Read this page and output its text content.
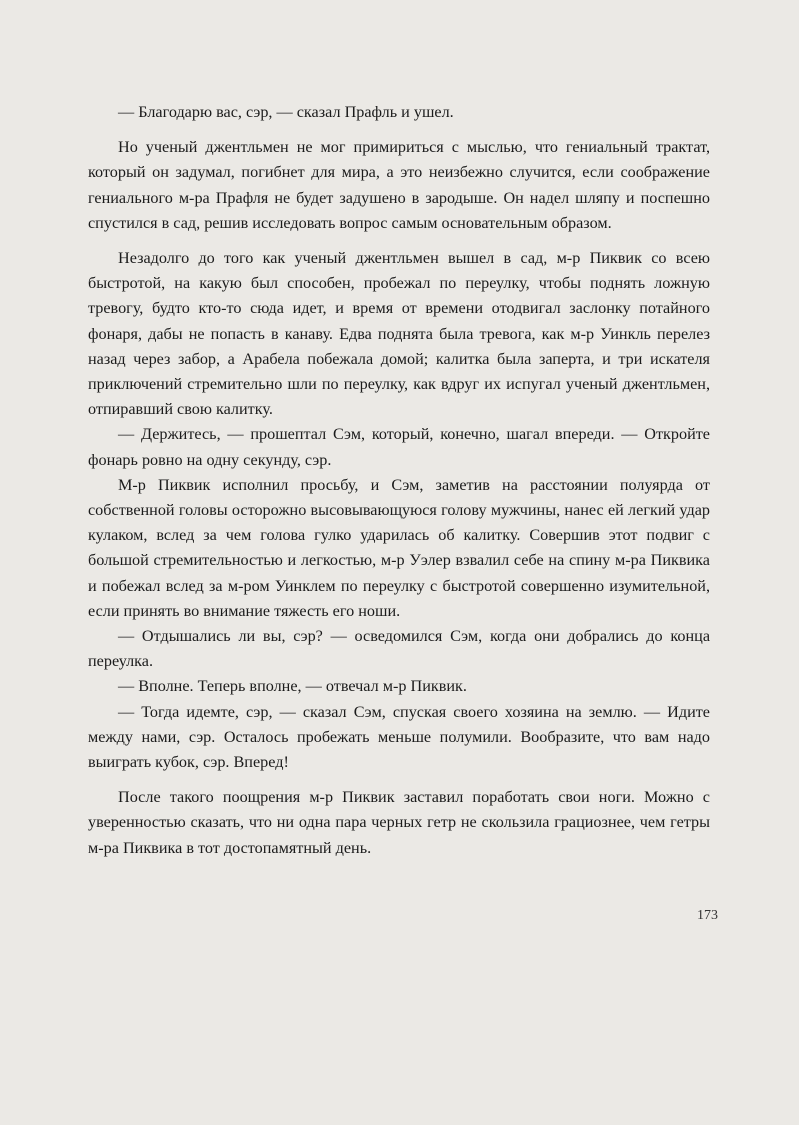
— Благодарю вас, сэр, — сказал Прафль и ушел.

Но ученый джентльмен не мог примириться с мыслью, что гениальный трактат, который он задумал, погибнет для мира, а это неизбежно случится, если соображение гениального м-ра Прафля не будет задушено в зародыше. Он надел шляпу и поспешно спустился в сад, решив исследовать вопрос самым основательным образом.

Незадолго до того как ученый джентльмен вышел в сад, м-р Пиквик со всею быстротой, на какую был способен, пробежал по переулку, чтобы поднять ложную тревогу, будто кто-то сюда идет, и время от времени отодвигал заслонку потайного фонаря, дабы не попасть в канаву. Едва поднята была тревога, как м-р Уинкль перелез назад через забор, а Арабела побежала домой; калитка была заперта, и три искателя приключений стремительно шли по переулку, как вдруг их испугал ученый джентльмен, отпиравший свою калитку.

— Держитесь, — прошептал Сэм, который, конечно, шагал впереди. — Откройте фонарь ровно на одну секунду, сэр.

М-р Пиквик исполнил просьбу, и Сэм, заметив на расстоянии полуярда от собственной головы осторожно высовывающуюся голову мужчины, нанес ей легкий удар кулаком, вслед за чем голова гулко ударилась об калитку. Совершив этот подвиг с большой стремительностью и легкостью, м-р Уэлер взвалил себе на спину м-ра Пиквика и побежал вслед за м-ром Уинклем по переулку с быстротой совершенно изумительной, если принять во внимание тяжесть его ноши.

— Отдышались ли вы, сэр? — осведомился Сэм, когда они добрались до конца переулка.

— Вполне. Теперь вполне, — отвечал м-р Пиквик.

— Тогда идемте, сэр, — сказал Сэм, спуская своего хозяина на землю. — Идите между нами, сэр. Осталось пробежать меньше полумили. Вообразите, что вам надо выиграть кубок, сэр. Вперед!

После такого поощрения м-р Пиквик заставил поработать свои ноги. Можно с уверенностью сказать, что ни одна пара черных гетр не скользила грациознее, чем гетры м-ра Пиквика в тот достопамятный день.

173
